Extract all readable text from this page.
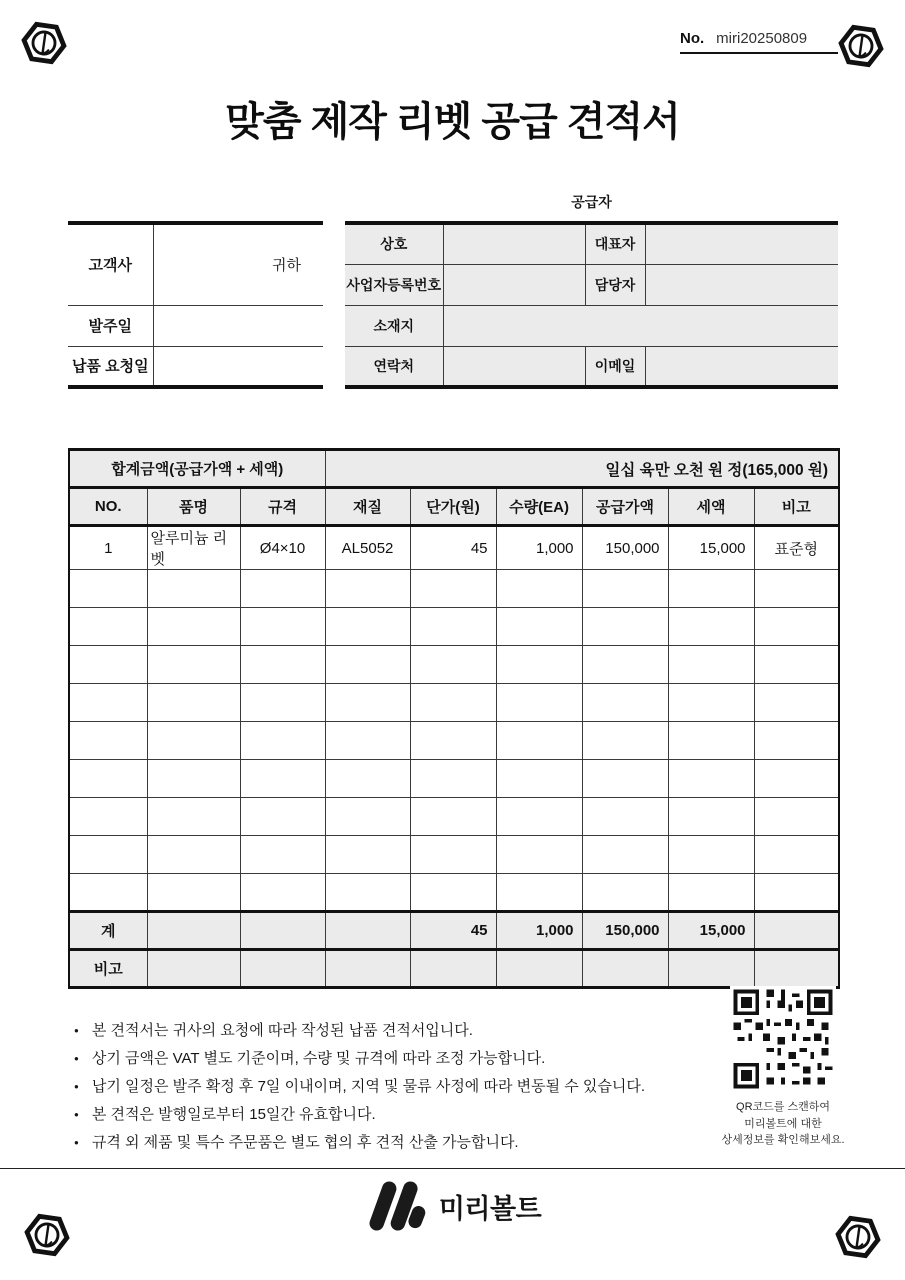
No. miri20250809
맞춤 제작 리벳 공급 견적서
고객사	귀하
발주일	
납품 요청일	
공급자
상호		대표자	
사업자등록번호		담당자	
소재지			
연락처		이메일	
합계금액(공급가액 + 세액)			일십 육만 오천 원 정(165,000 원)					
NO.	품명	규격	재질	단가(원)	수량(EA)	공급가액	세액	비고
1	알루미늄 리벳	Ø4×10	AL5052	45	1,000	150,000	15,000	표준형

계				45	1,000	150,000	15,000	
비고								
● 본 견적서는 귀사의 요청에 따라 작성된 납품 견적서입니다.
● 상기 금액은 VAT 별도 기준이며, 수량 및 규격에 따라 조정 가능합니다.
● 납기 일정은 발주 확정 후 7일 이내이며, 지역 및 물류 사정에 따라 변동될 수 있습니다.
● 본 견적은 발행일로부터 15일간 유효합니다.
● 규격 외 제품 및 특수 주문품은 별도 협의 후 견적 산출 가능합니다.
QR코드를 스캔하여
미리볼트에 대한
상세정보를 확인해보세요.
미리볼트
